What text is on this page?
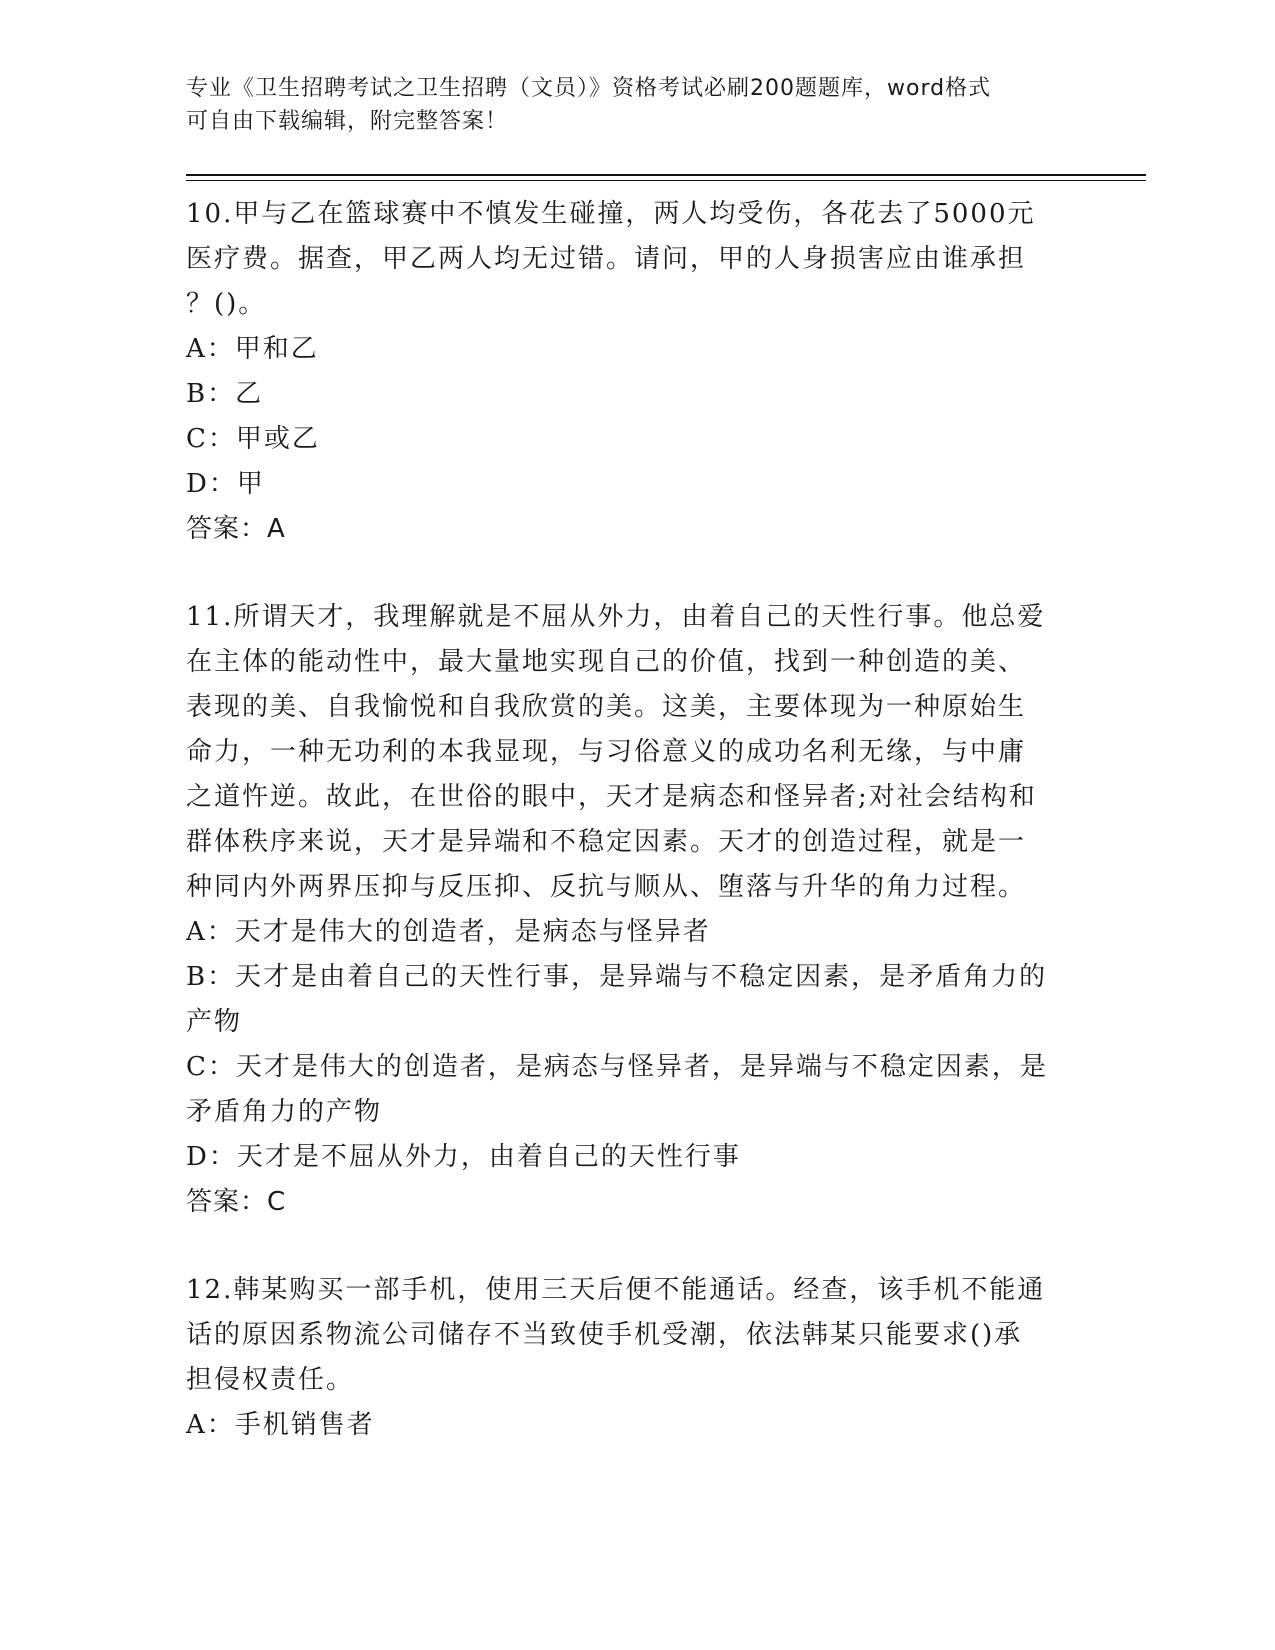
专业《卫生招聘考试之卫生招聘（文员）》资格考试必刷200题题库，word格式
可自由下载编辑，附完整答案！
10.甲与乙在篮球赛中不慎发生碰撞，两人均受伤，各花去了5000元
医疗费。据查，甲乙两人均无过错。请问，甲的人身损害应由谁承担
？()。
A：甲和乙
B：乙
C：甲或乙
D：甲
答案：A
11.所谓天才，我理解就是不屈从外力，由着自己的天性行事。他总爱
在主体的能动性中，最大量地实现自己的价值，找到一种创造的美、
表现的美、自我愉悦和自我欣赏的美。这美，主要体现为一种原始生
命力，一种无功利的本我显现，与习俗意义的成功名利无缘，与中庸
之道忤逆。故此，在世俗的眼中，天才是病态和怪异者;对社会结构和
群体秩序来说，天才是异端和不稳定因素。天才的创造过程，就是一
种同内外两界压抑与反压抑、反抗与顺从、堕落与升华的角力过程。
A：天才是伟大的创造者，是病态与怪异者
B：天才是由着自己的天性行事，是异端与不稳定因素，是矛盾角力的
产物
C：天才是伟大的创造者，是病态与怪异者，是异端与不稳定因素，是
矛盾角力的产物
D：天才是不屈从外力，由着自己的天性行事
答案：C
12.韩某购买一部手机，使用三天后便不能通话。经查，该手机不能通
话的原因系物流公司储存不当致使手机受潮，依法韩某只能要求()承
担侵权责任。
A：手机销售者
